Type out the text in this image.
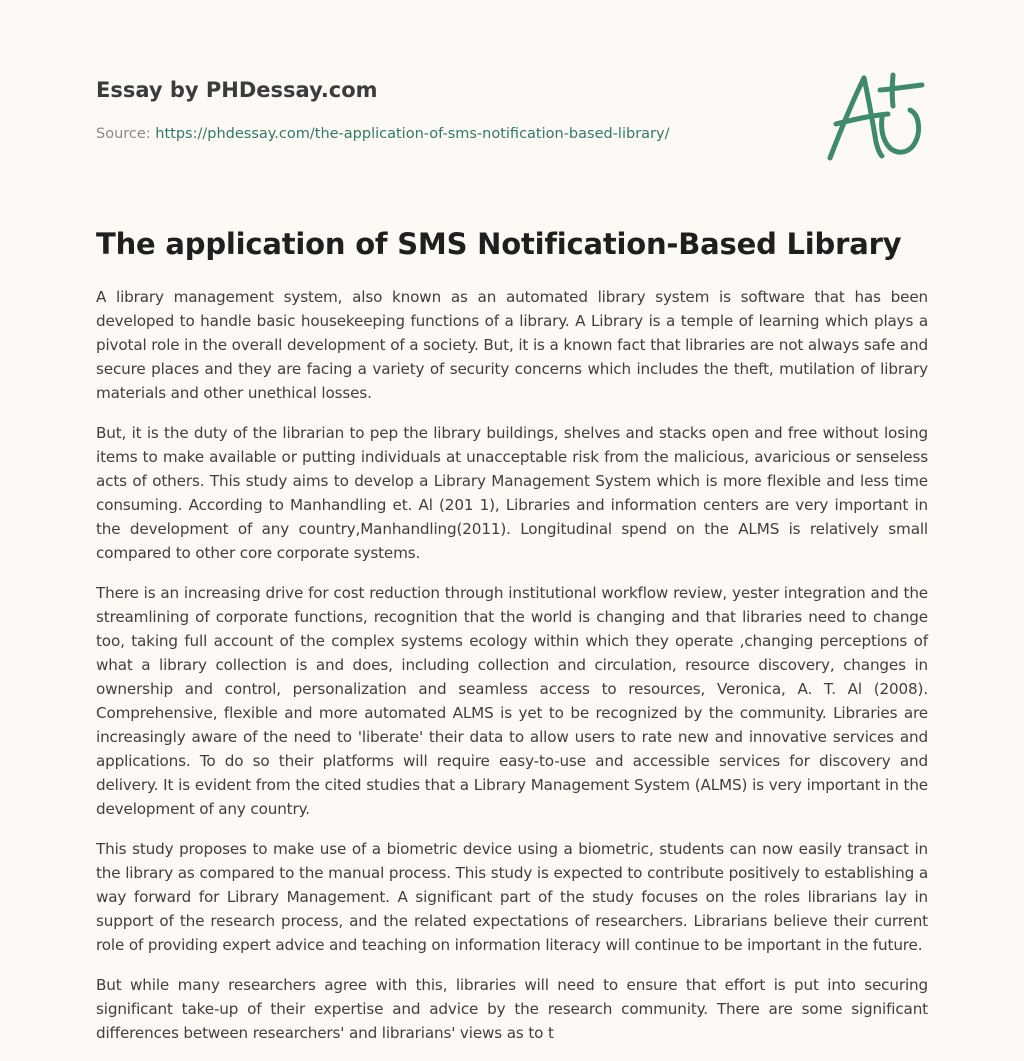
Essay by PHDessay.com
Source: https://phdessay.com/the-application-of-sms-notification-based-library/
The application of SMS Notification-Based Library

A library management system, also known as an automated library system is software that has been developed to handle basic housekeeping functions of a library. A Library is a temple of learning which plays a pivotal role in the overall development of a society. But, it is a known fact that libraries are not always safe and secure places and they are facing a variety of security concerns which includes the theft, mutilation of library materials and other unethical losses.

But, it is the duty of the librarian to pep the library buildings, shelves and stacks open and free without losing items to make available or putting individuals at unacceptable risk from the malicious, avaricious or senseless acts of others. This study aims to develop a Library Management System which is more flexible and less time consuming. According to Manhandling et. Al (201 1), Libraries and information centers are very important in the development of any country,Manhandling(2011). Longitudinal spend on the ALMS is relatively small compared to other core corporate systems.

There is an increasing drive for cost reduction through institutional workflow review, yester integration and the streamlining of corporate functions, recognition that the world is changing and that libraries need to change too, taking full account of the complex systems ecology within which they operate ,changing perceptions of what a library collection is and does, including collection and circulation, resource discovery, changes in ownership and control, personalization and seamless access to resources, Veronica, A. T. Al (2008). Comprehensive, flexible and more automated ALMS is yet to be recognized by the community. Libraries are increasingly aware of the need to 'liberate' their data to allow users to rate new and innovative services and applications. To do so their platforms will require easy-to-use and accessible services for discovery and delivery. It is evident from the cited studies that a Library Management System (ALMS) is very important in the development of any country.

This study proposes to make use of a biometric device using a biometric, students can now easily transact in the library as compared to the manual process. This study is expected to contribute positively to establishing a way forward for Library Management. A significant part of the study focuses on the roles librarians lay in support of the research process, and the related expectations of researchers. Librarians believe their current role of providing expert advice and teaching on information literacy will continue to be important in the future.

But while many researchers agree with this, libraries will need to ensure that effort is put into securing significant take-up of their expertise and advice by the research community. There are some significant differences between researchers' and librarians' views as to t
